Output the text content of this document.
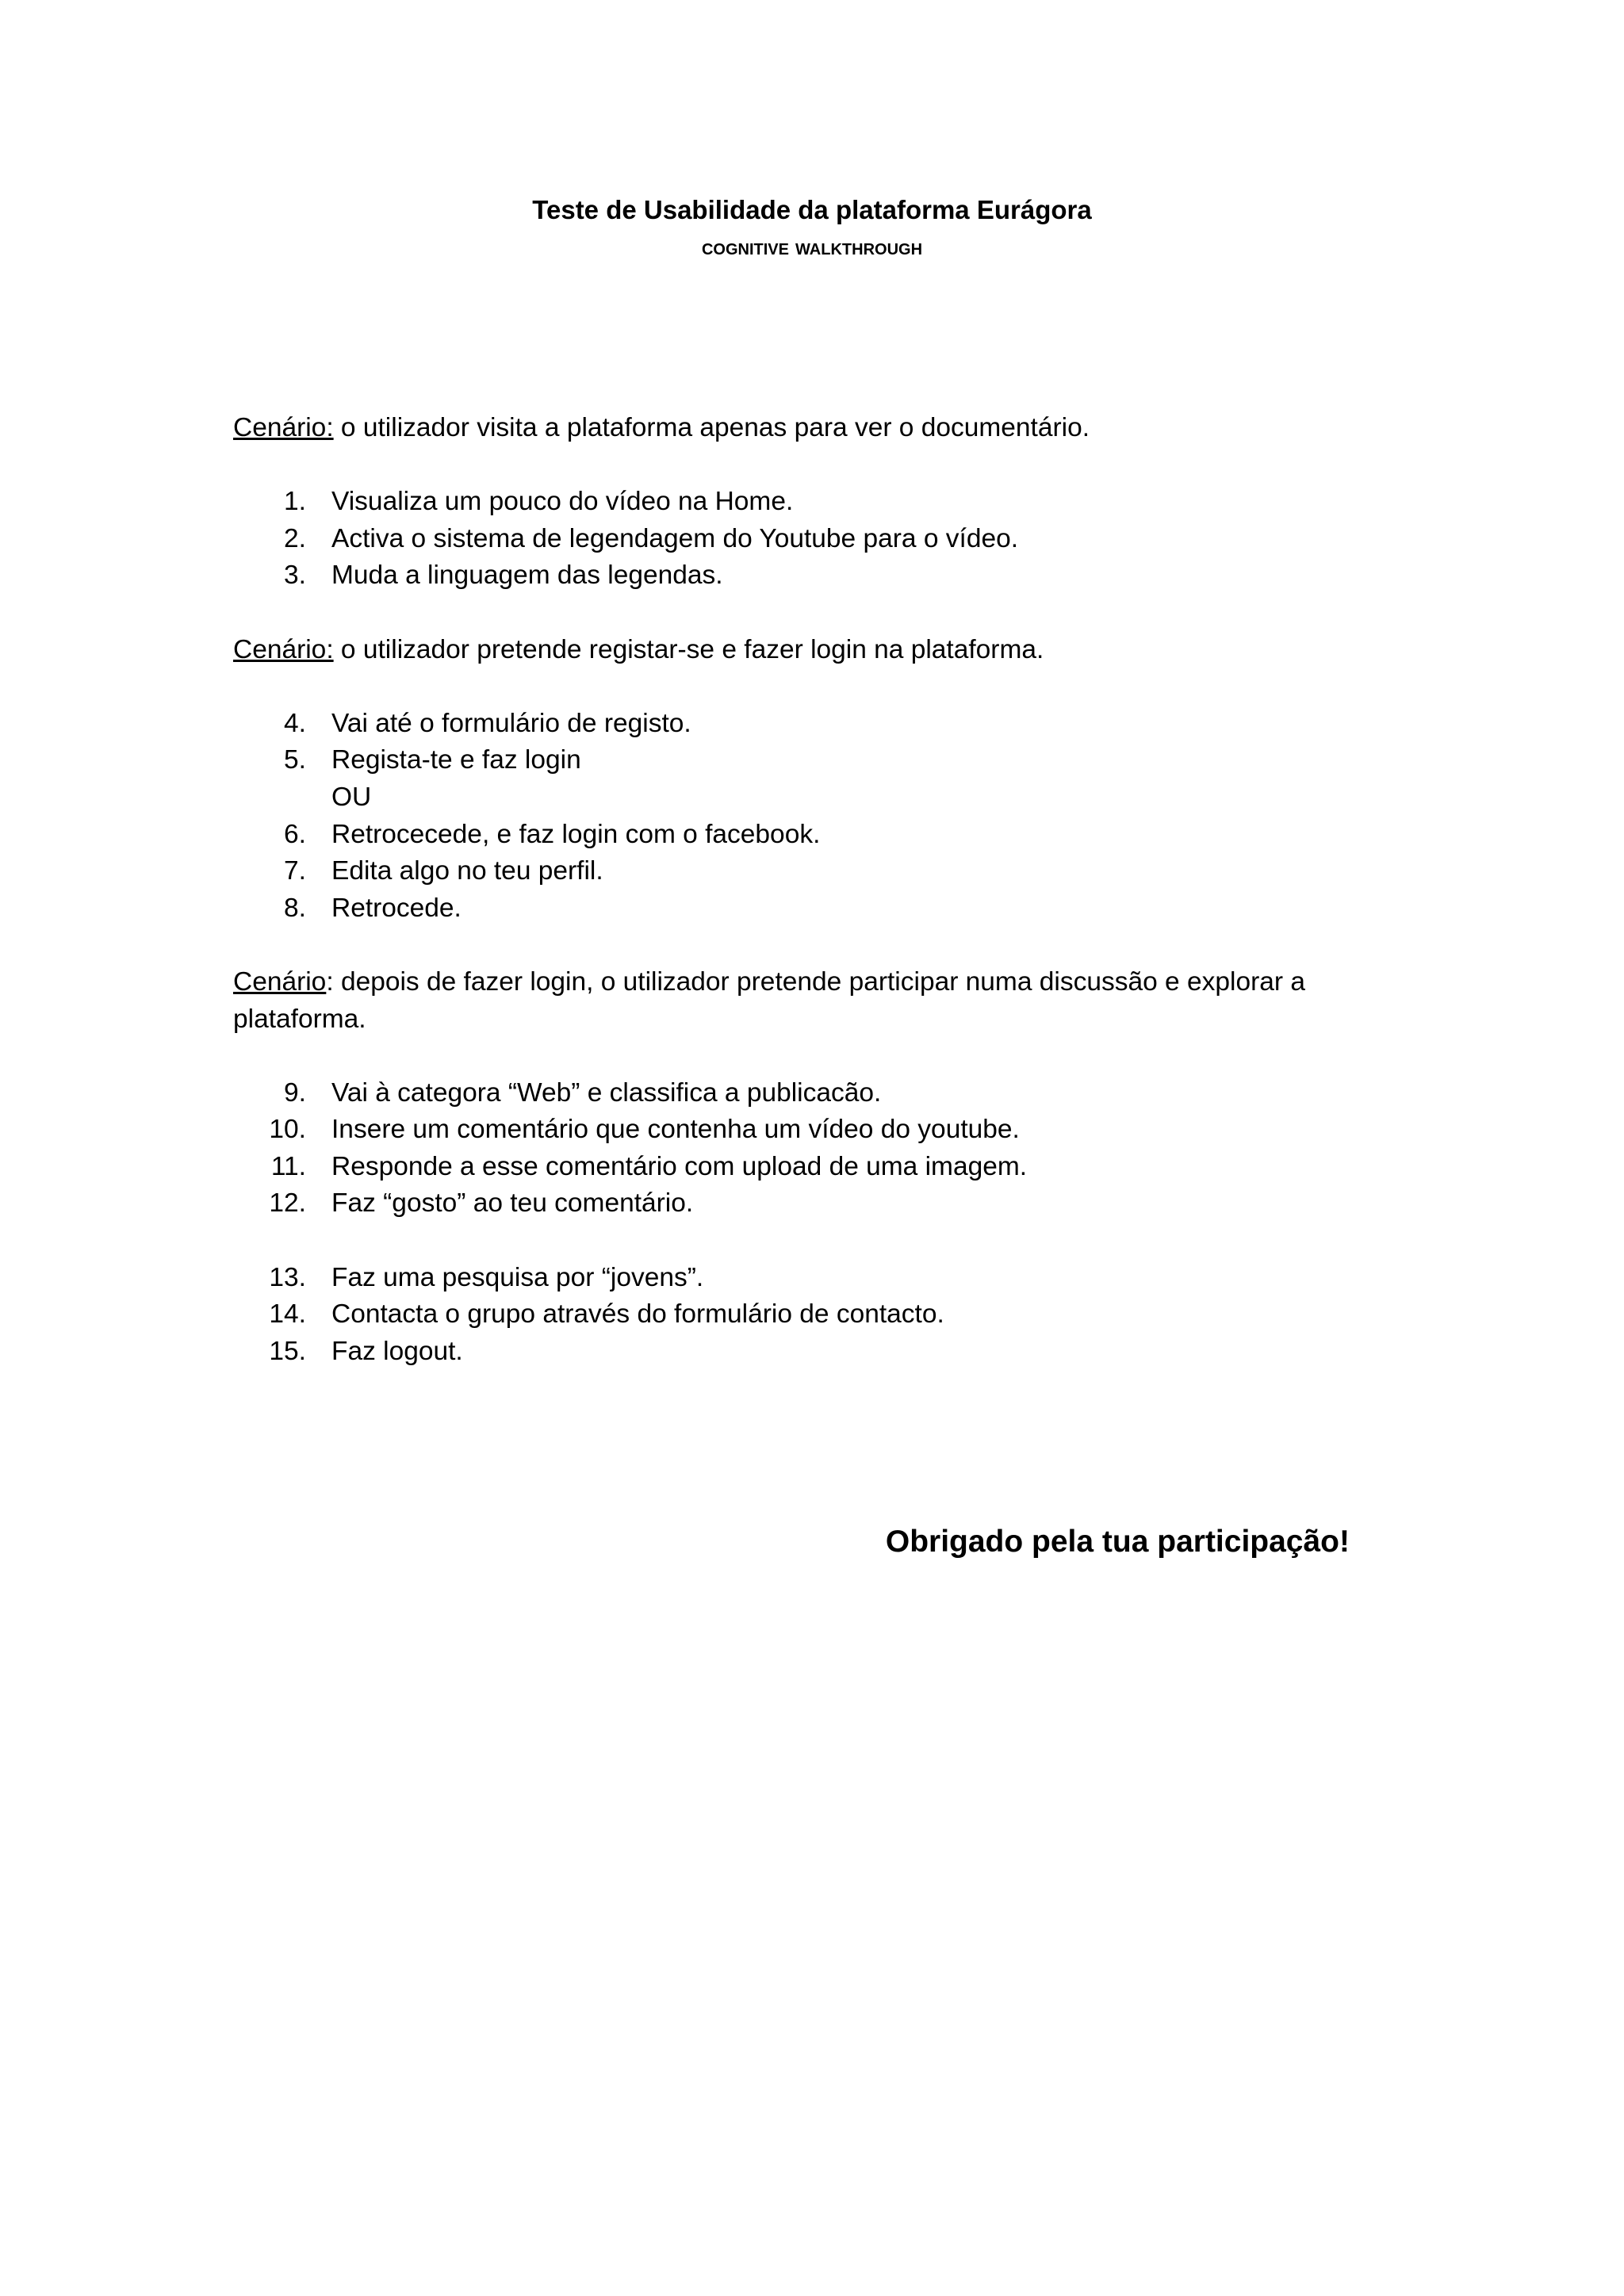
Teste de Usabilidade da plataforma Eurágora

cognitive walkthrough

Cenário: o utilizador visita a plataforma apenas para ver o documentário.

1. Visualiza um pouco do vídeo na Home.
2. Activa o sistema de legendagem do Youtube para o vídeo.
3. Muda a linguagem das legendas.

Cenário: o utilizador pretende registar-se e fazer login na plataforma.

4. Vai até o formulário de registo.
5. Regista-te e faz login
OU
6. Retrocecede, e faz login com o facebook.
7. Edita algo no teu perfil.
8. Retrocede.

Cenário: depois de fazer login, o utilizador pretende participar numa discussão e explorar a plataforma.

9. Vai à categora “Web” e classifica a publicacão.
10. Insere um comentário que contenha um vídeo do youtube.
11. Responde a esse comentário com upload de uma imagem.
12. Faz “gosto” ao teu comentário.
13. Faz uma pesquisa por “jovens”.
14. Contacta o grupo através do formulário de contacto.
15. Faz logout.

Obrigado pela tua participação!
